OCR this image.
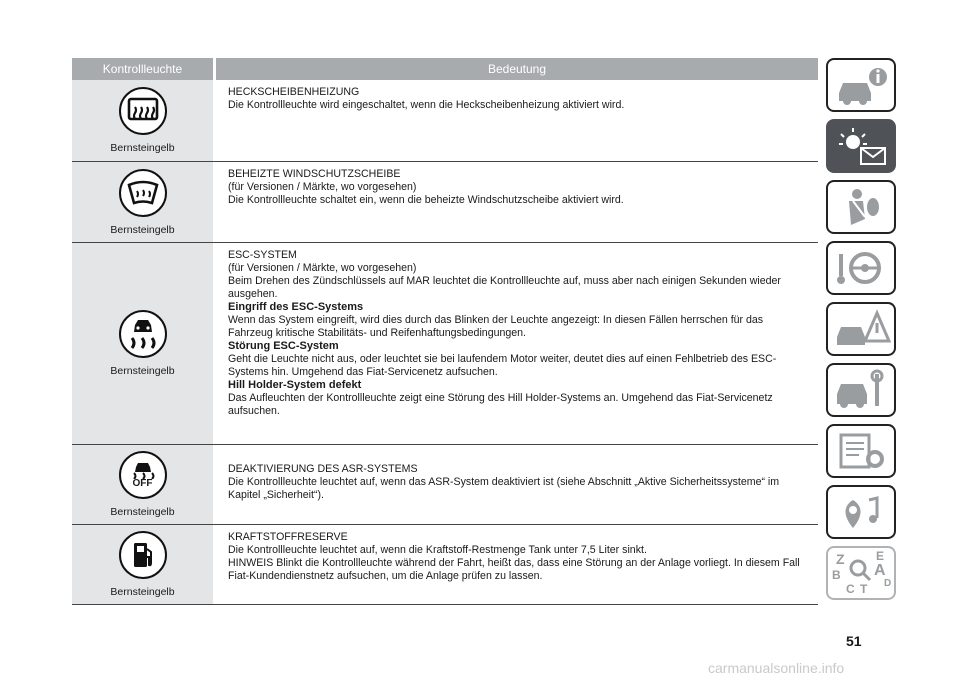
Kontrollleuchte	Bedeutung
Bernsteingelb

HECKSCHEIBENHEIZUNG

Die Kontrollleuchte wird eingeschaltet, wenn die Heckscheibenheizung aktiviert wird.

Bernsteingelb

BEHEIZTE WINDSCHUTZSCHEIBE

(für Versionen / Märkte, wo vorgesehen)

Die Kontrollleuchte schaltet ein, wenn die beheizte Windschutzscheibe aktiviert wird.

Bernsteingelb

ESC-SYSTEM

(für Versionen / Märkte, wo vorgesehen)

Beim Drehen des Zündschlüssels auf MAR leuchtet die Kontrollleuchte auf, muss aber nach einigen Sekunden wieder ausgehen.

Eingriff des ESC-Systems

Wenn das System eingreift, wird dies durch das Blinken der Leuchte angezeigt: In diesen Fällen herrschen für das Fahrzeug kritische Stabilitäts- und Reifenhaftungsbedingungen.

Störung ESC-System

Geht die Leuchte nicht aus, oder leuchtet sie bei laufendem Motor weiter, deutet dies auf einen Fehlbetrieb des ESC-Systems hin. Umgehend das Fiat-Servicenetz aufsuchen.

Hill Holder-System defekt

Das Aufleuchten der Kontrollleuchte zeigt eine Störung des Hill Holder-Systems an. Umgehend das Fiat-Servicenetz aufsuchen.

OFF
Bernsteingelb

DEAKTIVIERUNG DES ASR-SYSTEMS

Die Kontrollleuchte leuchtet auf, wenn das ASR-System deaktiviert ist (siehe Abschnitt „Aktive Sicherheitssysteme“ im Kapitel „Sicherheit“).

Bernsteingelb

KRAFTSTOFFRESERVE

Die Kontrollleuchte leuchtet auf, wenn die Kraftstoff-Restmenge Tank unter 7,5 Liter sinkt.

HINWEIS Blinkt die Kontrollleuchte während der Fahrt, heißt das, dass eine Störung an der Anlage vorliegt. In diesem Fall Fiat-Kundendienstnetz aufsuchen, um die Anlage prüfen zu lassen.

Z	E
B A
C T D
51
carmanualsonline.info
